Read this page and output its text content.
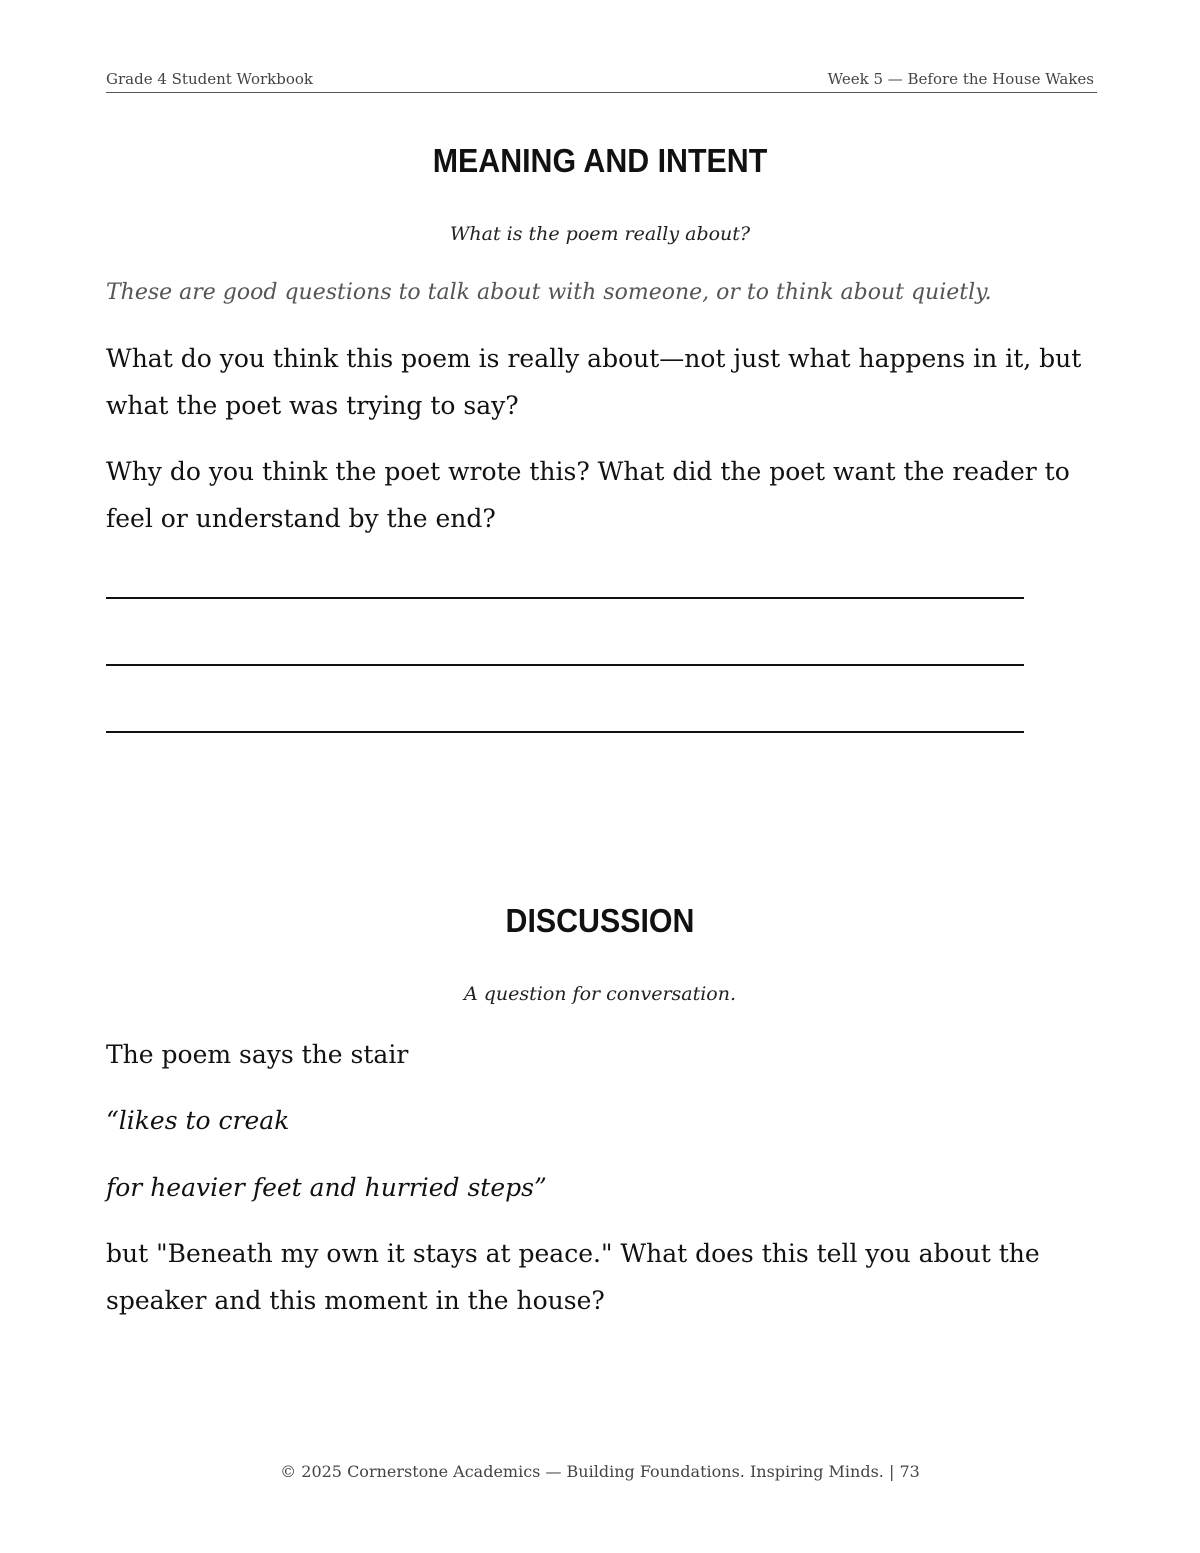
Grade 4 Student Workbook	Week 5 — Before the House Wakes
MEANING AND INTENT
What is the poem really about?
These are good questions to talk about with someone, or to think about quietly.
What do you think this poem is really about—not just what happens in it, but what the poet was trying to say?
Why do you think the poet wrote this? What did the poet want the reader to feel or understand by the end?
DISCUSSION
A question for conversation.
The poem says the stair
“likes to creak
for heavier feet and hurried steps”
but "Beneath my own it stays at peace." What does this tell you about the speaker and this moment in the house?
© 2025 Cornerstone Academics — Building Foundations. Inspiring Minds. | 73
